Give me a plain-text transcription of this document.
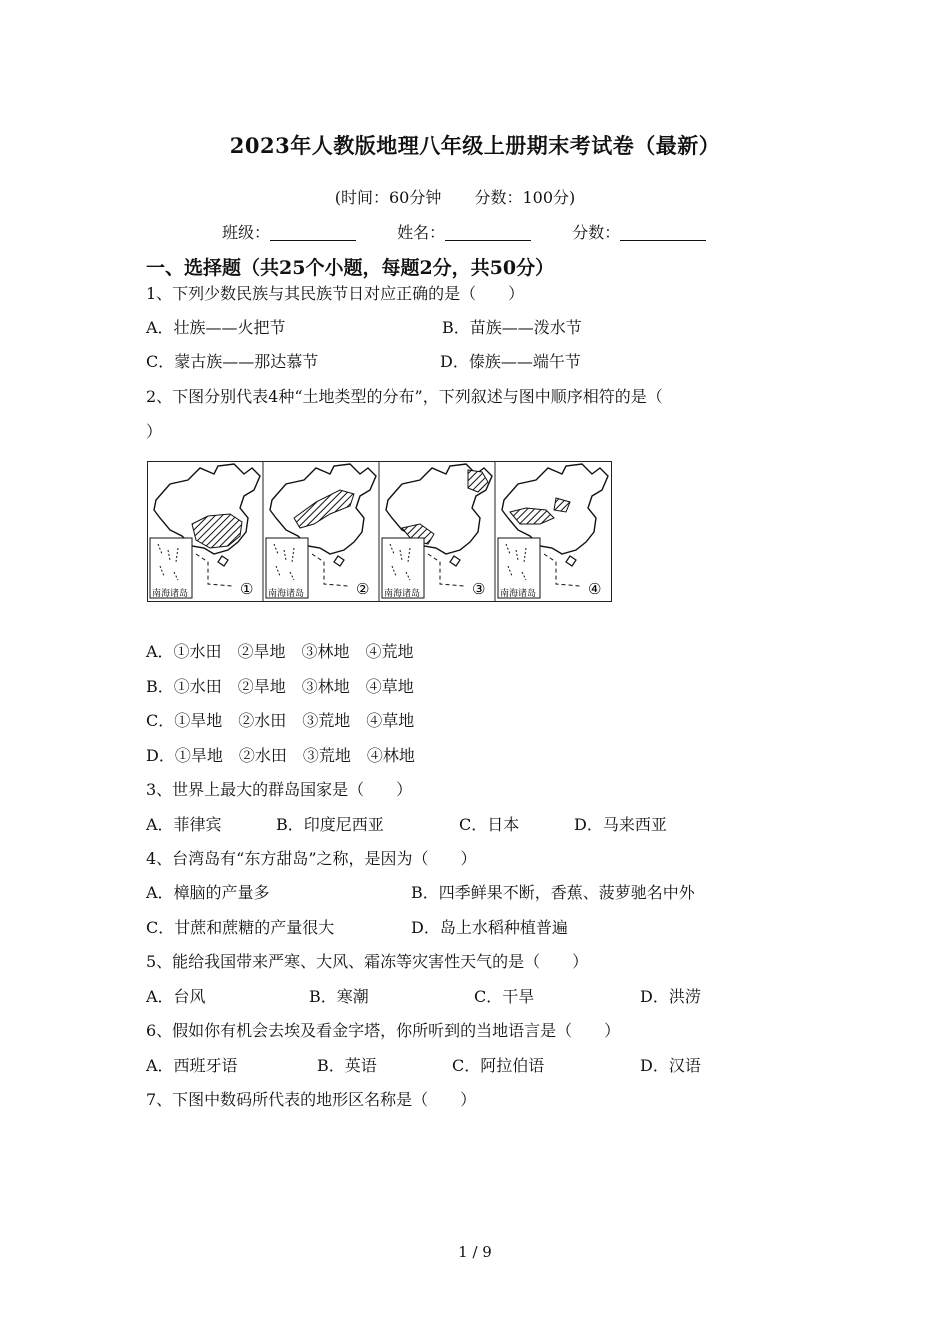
2023年人教版地理八年级上册期末考试卷（最新）
(时间：60分钟 分数：100分)
班级：	姓名：	分数：
一、选择题（共25个小题，每题2分，共50分）
1、下列少数民族与其民族节日对应正确的是（　　）
A．壮族——火把节	B．苗族——泼水节
C．蒙古族——那达慕节	D．傣族——端午节
2、下图分别代表4种“土地类型的分布”，下列叙述与图中顺序相符的是（
）
南海诸岛	① 南海诸岛	② 南海诸岛	③ 南海诸岛	④
A．①水田　②旱地　③林地　④荒地
B．①水田　②旱地　③林地　④草地
C．①旱地　②水田　③荒地　④草地
D．①旱地　②水田　③荒地　④林地
3、世界上最大的群岛国家是（　　）
A．菲律宾	B．印度尼西亚	C．日本	D．马来西亚
4、台湾岛有“东方甜岛”之称，是因为（　　）
A．樟脑的产量多	B．四季鲜果不断，香蕉、菠萝驰名中外
C．甘蔗和蔗糖的产量很大	D．岛上水稻种植普遍
5、能给我国带来严寒、大风、霜冻等灾害性天气的是（　　）
A．台风	B．寒潮	C．干旱	D．洪涝
6、假如你有机会去埃及看金字塔，你所听到的当地语言是（　　）
A．西班牙语	B．英语	C．阿拉伯语	D．汉语
7、下图中数码所代表的地形区名称是（　　）
1 / 9
